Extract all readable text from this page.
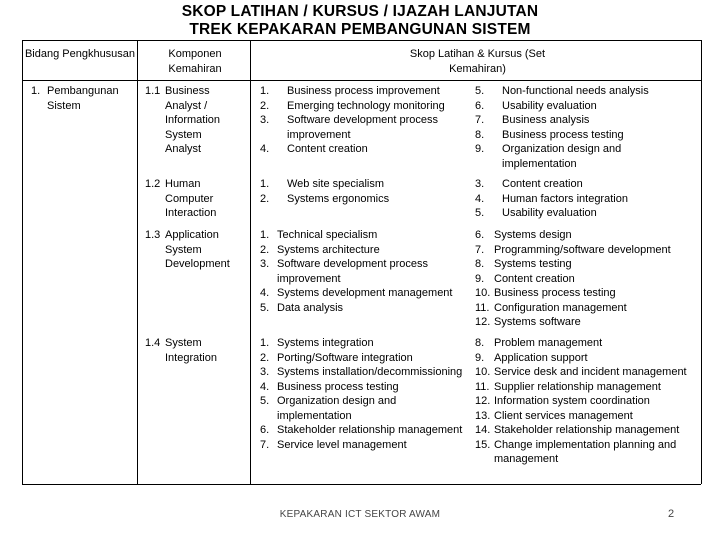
SKOP LATIHAN / KURSUS / IJAZAH LANJUTAN
TREK KEPAKARAN PEMBANGUNAN SISTEM
Bidang Pengkhususan	Komponen Kemahiran
Skop Latihan & Kursus (Set Kemahiran)
1. Pembangunan Sistem
1.1 Business Analyst / Information System Analyst
1. Business process improvement
2. Emerging technology monitoring
3. Software development process improvement
4. Content creation
5. Non-functional needs analysis
6. Usability evaluation
7. Business analysis
8. Business process testing
9. Organization design and implementation
1.2 Human Computer Interaction
1. Web site specialism
2. Systems ergonomics
3. Content creation
4. Human factors integration
5. Usability evaluation
1.3 Application System Development
1. Technical specialism
2. Systems architecture
3. Software development process improvement
4. Systems development management
5. Data analysis
6. Systems design
7. Programming/software development
8. Systems testing
9. Content creation
10. Business process testing
11. Configuration management
12. Systems software
1.4 System Integration
1. Systems integration
2. Porting/Software integration
3. Systems installation/decommissioning
4. Business process testing
5. Organization design and implementation
6. Stakeholder relationship management
7. Service level management
8. Problem management
9. Application support
10. Service desk and incident management
11. Supplier relationship management
12. Information system coordination
13. Client services management
14. Stakeholder relationship management
15. Change implementation planning and management
KEPAKARAN ICT SEKTOR AWAM	2
